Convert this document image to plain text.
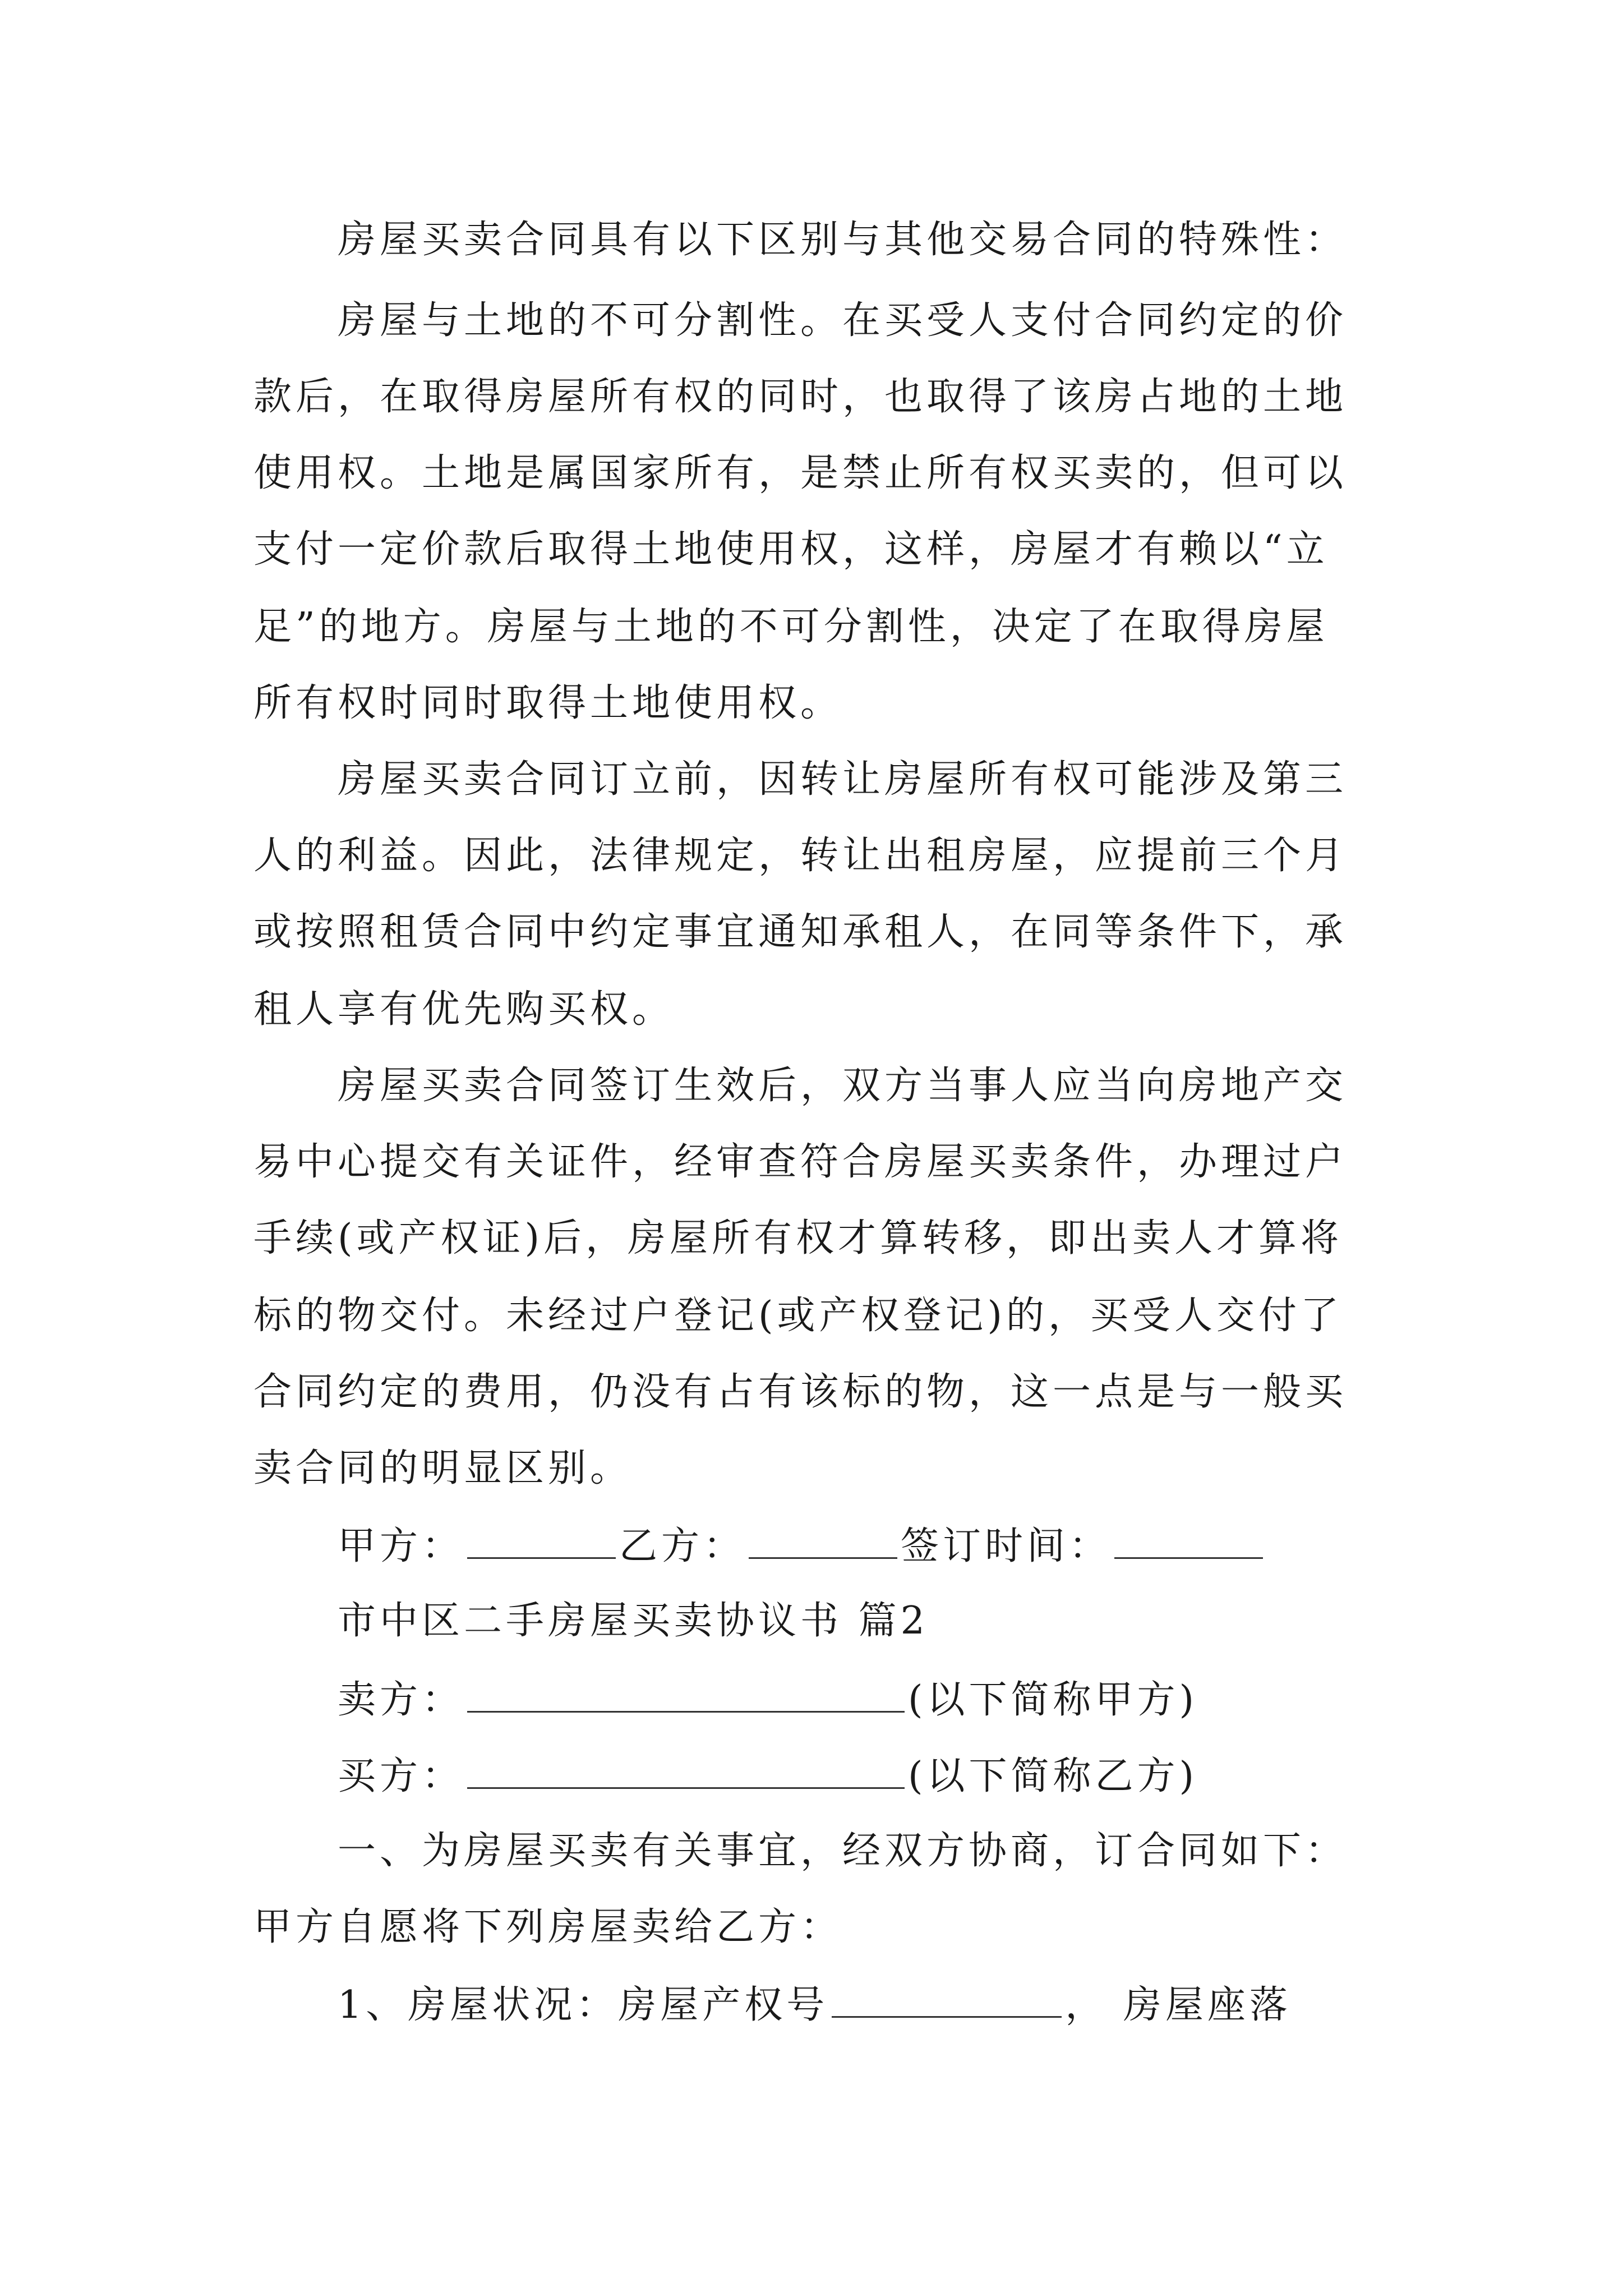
房屋买卖合同具有以下区别与其他交易合同的特殊性：
房屋与土地的不可分割性。在买受人支付合同约定的价
款后，在取得房屋所有权的同时，也取得了该房占地的土地
使用权。土地是属国家所有，是禁止所有权买卖的，但可以
支付一定价款后取得土地使用权，这样，房屋才有赖以“立
足”的地方。房屋与土地的不可分割性，决定了在取得房屋
所有权时同时取得土地使用权。
房屋买卖合同订立前，因转让房屋所有权可能涉及第三
人的利益。因此，法律规定，转让出租房屋，应提前三个月
或按照租赁合同中约定事宜通知承租人，在同等条件下，承
租人享有优先购买权。
房屋买卖合同签订生效后，双方当事人应当向房地产交
易中心提交有关证件，经审查符合房屋买卖条件，办理过户
手续(或产权证)后，房屋所有权才算转移，即出卖人才算将
标的物交付。未经过户登记(或产权登记)的，买受人交付了
合同约定的费用，仍没有占有该标的物，这一点是与一般买
卖合同的明显区别。
甲方：	乙方：	签订时间：
市中区二手房屋买卖协议书 篇2
卖方：	(以下简称甲方)
买方：	(以下简称乙方)
一、为房屋买卖有关事宜，经双方协商，订合同如下：
甲方自愿将下列房屋卖给乙方：
1、房屋状况：房屋产权号	， 房屋座落
